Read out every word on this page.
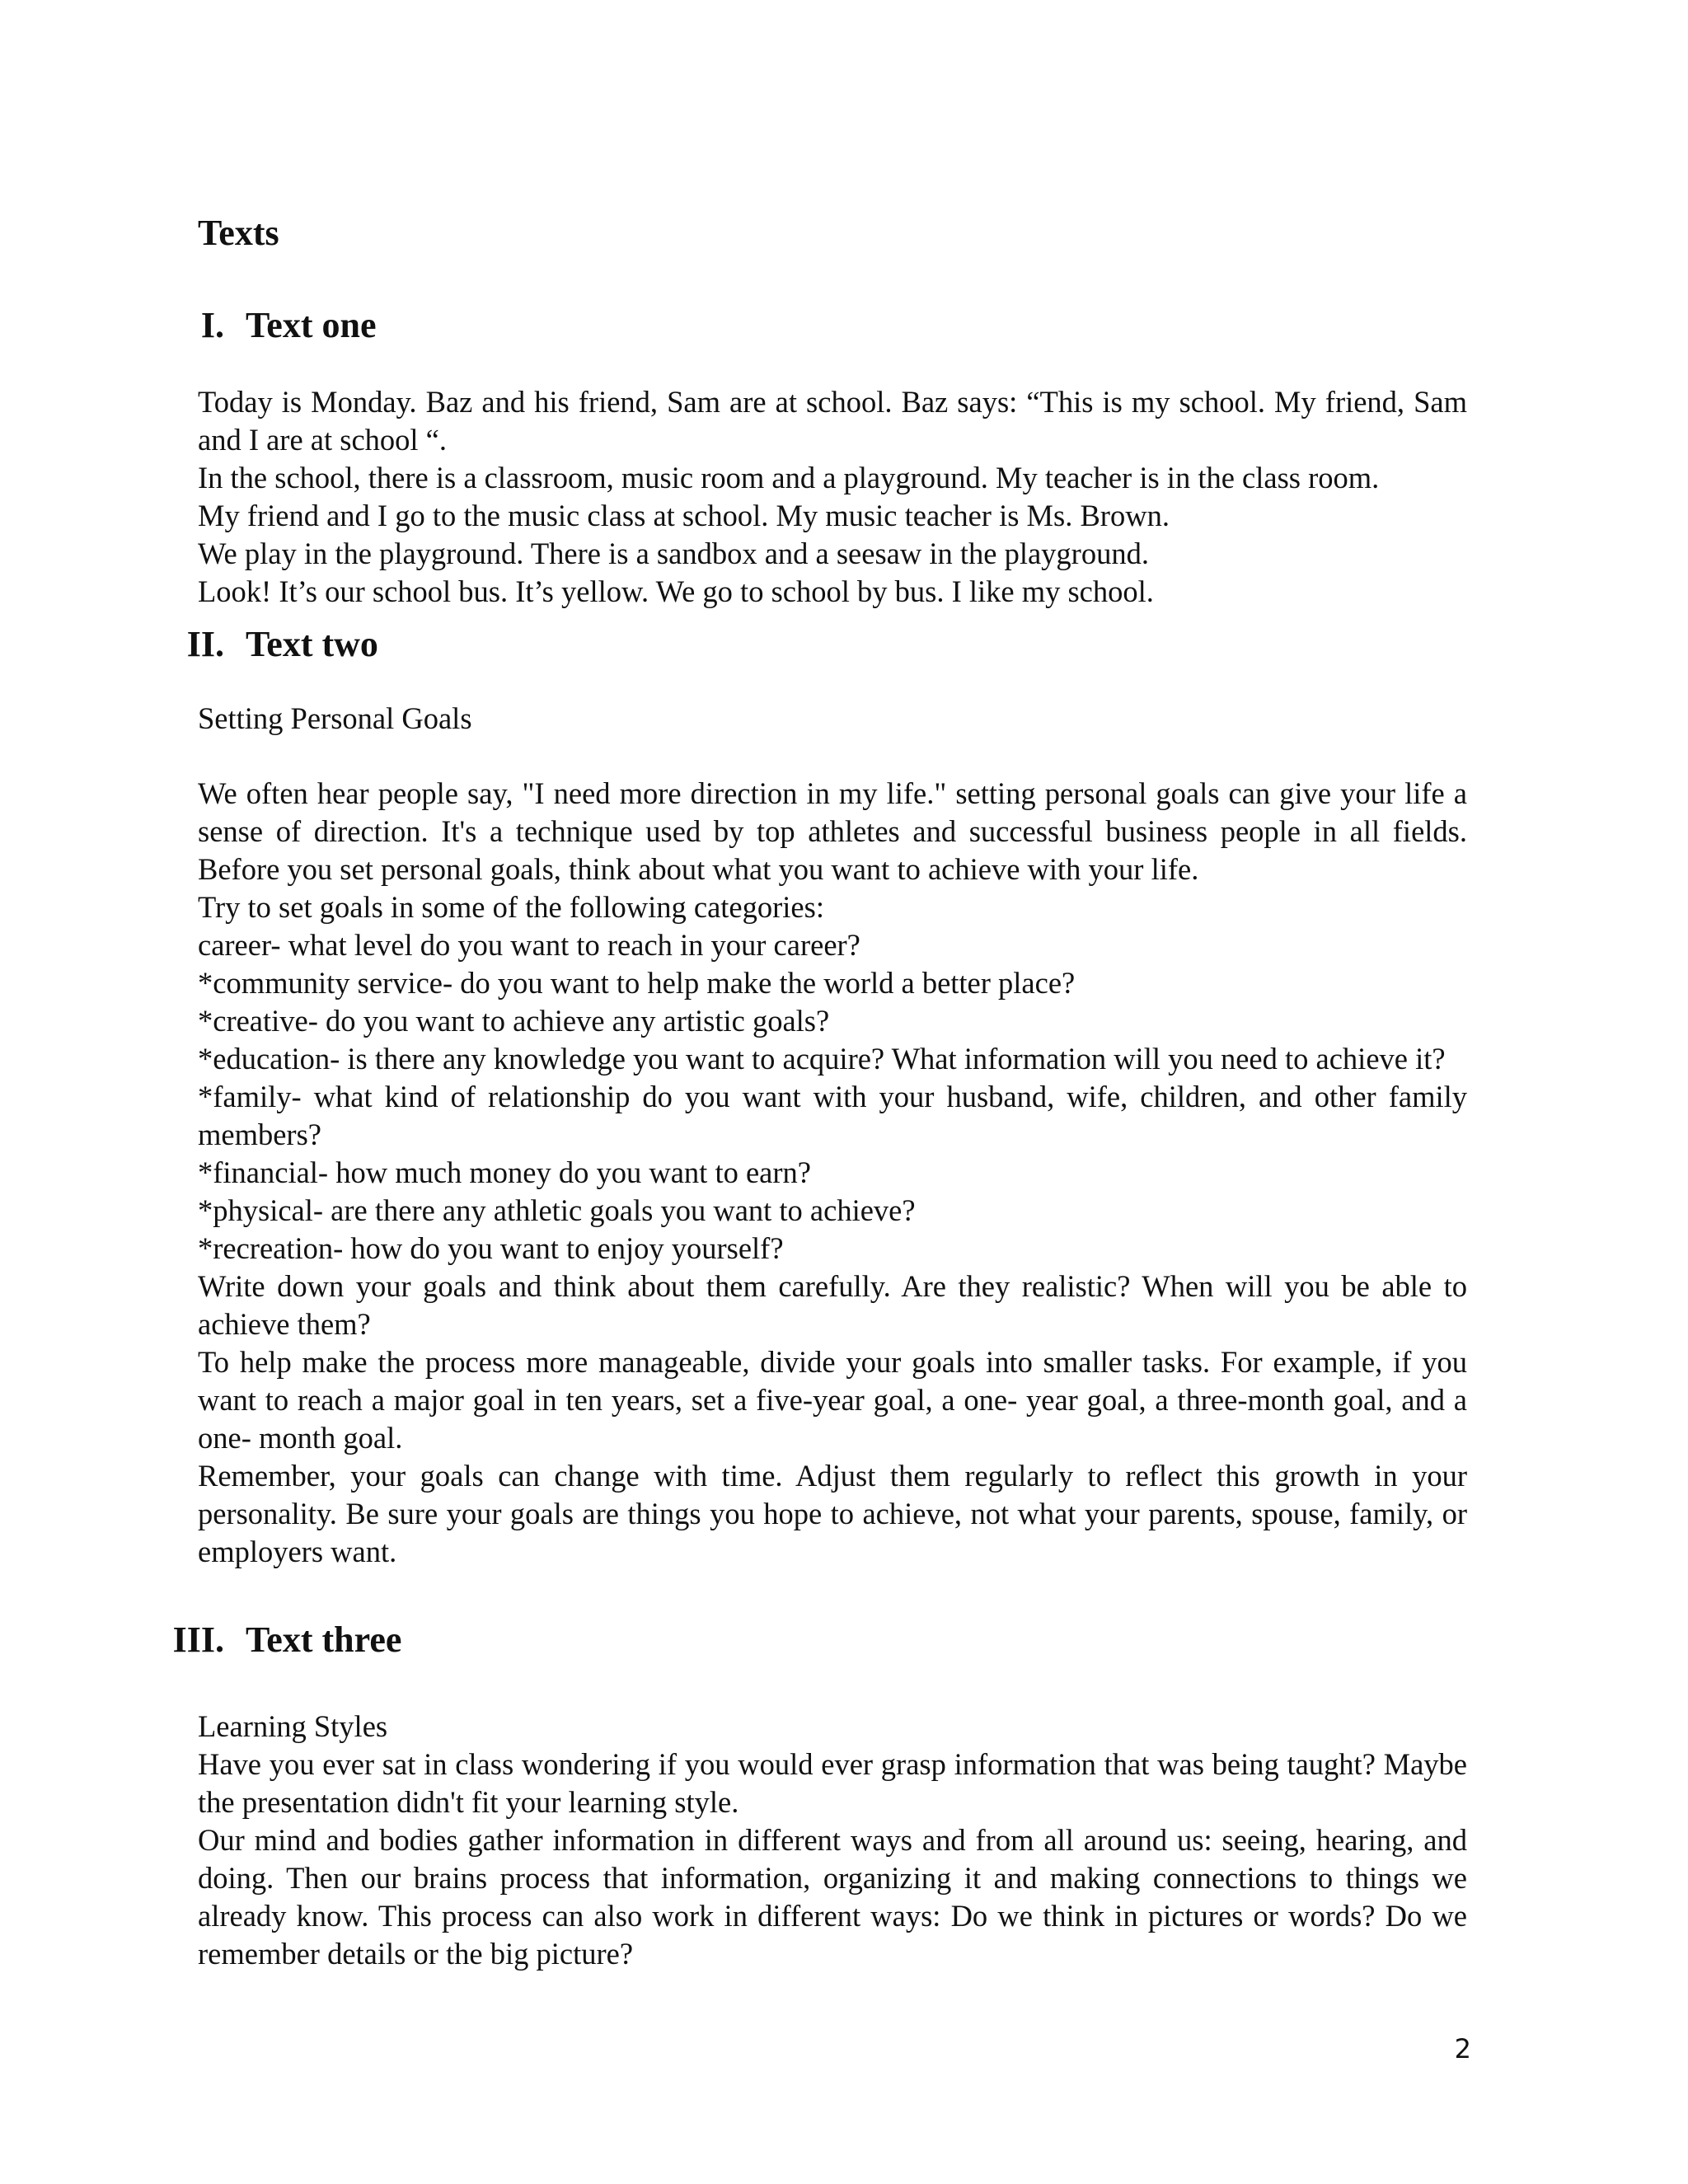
Texts
I. Text one

Today is Monday. Baz and his friend, Sam are at school. Baz says: “This is my school. My friend, Sam and I are at school “.

In the school, there is a classroom, music room and a playground. My teacher is in the class room.

My friend and I go to the music class at school. My music teacher is Ms. Brown.

We play in the playground. There is a sandbox and a seesaw in the playground.

Look! It’s our school bus. It’s yellow. We go to school by bus. I like my school.

II. Text two

Setting Personal Goals

We often hear people say, "I need more direction in my life." setting personal goals can give your life a sense of direction. It's a technique used by top athletes and successful business people in all fields. Before you set personal goals, think about what you want to achieve with your life.

Try to set goals in some of the following categories:

career- what level do you want to reach in your career?

*community service- do you want to help make the world a better place?

*creative- do you want to achieve any artistic goals?

*education- is there any knowledge you want to acquire? What information will you need to achieve it?

*family- what kind of relationship do you want with your husband, wife, children, and other family members?

*financial- how much money do you want to earn?

*physical- are there any athletic goals you want to achieve?

*recreation- how do you want to enjoy yourself?

Write down your goals and think about them carefully. Are they realistic? When will you be able to achieve them?

To help make the process more manageable, divide your goals into smaller tasks. For example, if you want to reach a major goal in ten years, set a five-year goal, a one- year goal, a three-month goal, and a one- month goal.

Remember, your goals can change with time. Adjust them regularly to reflect this growth in your personality. Be sure your goals are things you hope to achieve, not what your parents, spouse, family, or employers want.

III. Text three

Learning Styles

Have you ever sat in class wondering if you would ever grasp information that was being taught? Maybe the presentation didn't fit your learning style.

Our mind and bodies gather information in different ways and from all around us: seeing, hearing, and doing. Then our brains process that information, organizing it and making connections to things we already know. This process can also work in different ways: Do we think in pictures or words? Do we remember details or the big picture?

2
